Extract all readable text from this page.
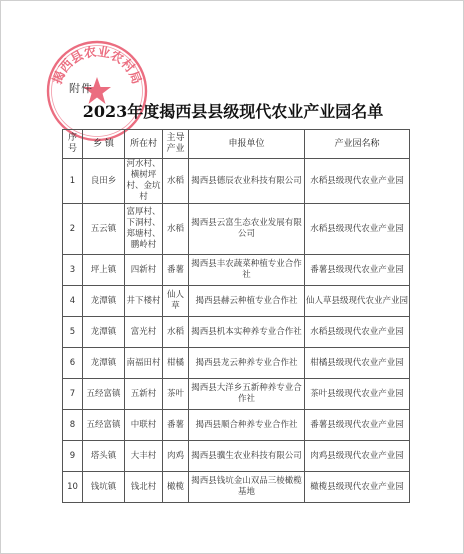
揭西县农业农村局
附件
2023年度揭西县县级现代农业产业园名单
序号	乡 镇	所在村	主导产业	申报单位	产业园名称
1	良田乡	河水村、横树坪村、金坑村	水稻	揭西县德辰农业科技有限公司	水稻县级现代农业产业园
2	五云镇	富厚村、下洞村、郑塘村、鹏岭村	水稻	揭西县云富生态农业发展有限公司	水稻县级现代农业产业园
3	坪上镇	四新村	番薯	揭西县丰农蔬菜种植专业合作社	番薯县级现代农业产业园
4	龙潭镇	井下楼村	仙人草	揭西县赫云种植专业合作社	仙人草县级现代农业产业园
5	龙潭镇	富光村	水稻	揭西县机本实种养专业合作社	水稻县级现代农业产业园
6	龙潭镇	南福田村	柑橘	揭西县龙云种养专业合作社	柑橘县级现代农业产业园
7	五经富镇	五新村	茶叶	揭西县大洋乡五新种养专业合作社	茶叶县级现代农业产业园
8	五经富镇	中联村	番薯	揭西县顺合种养专业合作社	番薯县级现代农业产业园
9	塔头镇	大丰村	肉鸡	揭西县骥生农业科技有限公司	肉鸡县级现代农业产业园
10	钱坑镇	钱北村	橄榄	揭西县钱坑金山双品三棱橄榄基地	橄榄县级现代农业产业园
